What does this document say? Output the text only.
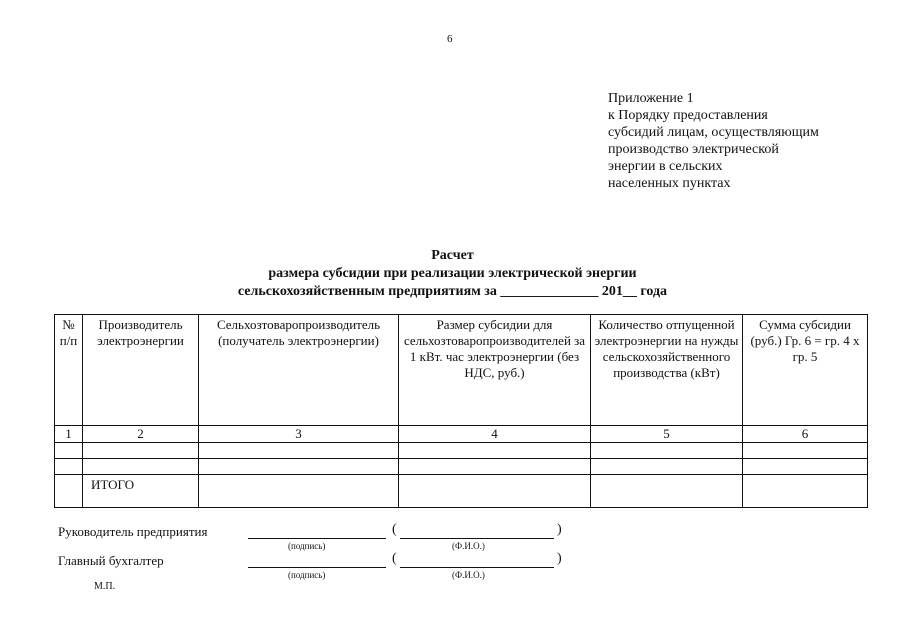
6
Приложение 1
к Порядку предоставления
субсидий лицам, осуществляющим
производство электрической
энергии в сельских
населенных пунктах
Расчет
размера субсидии при реализации электрической энергии
сельскохозяйственным предприятиям за ______________ 201__ года
№ п/п	Производитель электроэнергии	Сельхозтоваропроизводитель (получатель электроэнергии)	Размер субсидии для сельхозтоваропроизводителей за 1 кВт. час электроэнергии (без НДС, руб.)	Количество отпущенной электроэнергии на нужды сельскохозяйственного производства (кВт)	Сумма субсидии (руб.) Гр. 6 = гр. 4 х гр. 5
1	2	3	4	5	6

	ИТОГО				
Руководитель предприятия	(	)
(подпись)	(Ф.И.О.)
Главный бухгалтер	(	)
(подпись)	(Ф.И.О.)
М.П.
